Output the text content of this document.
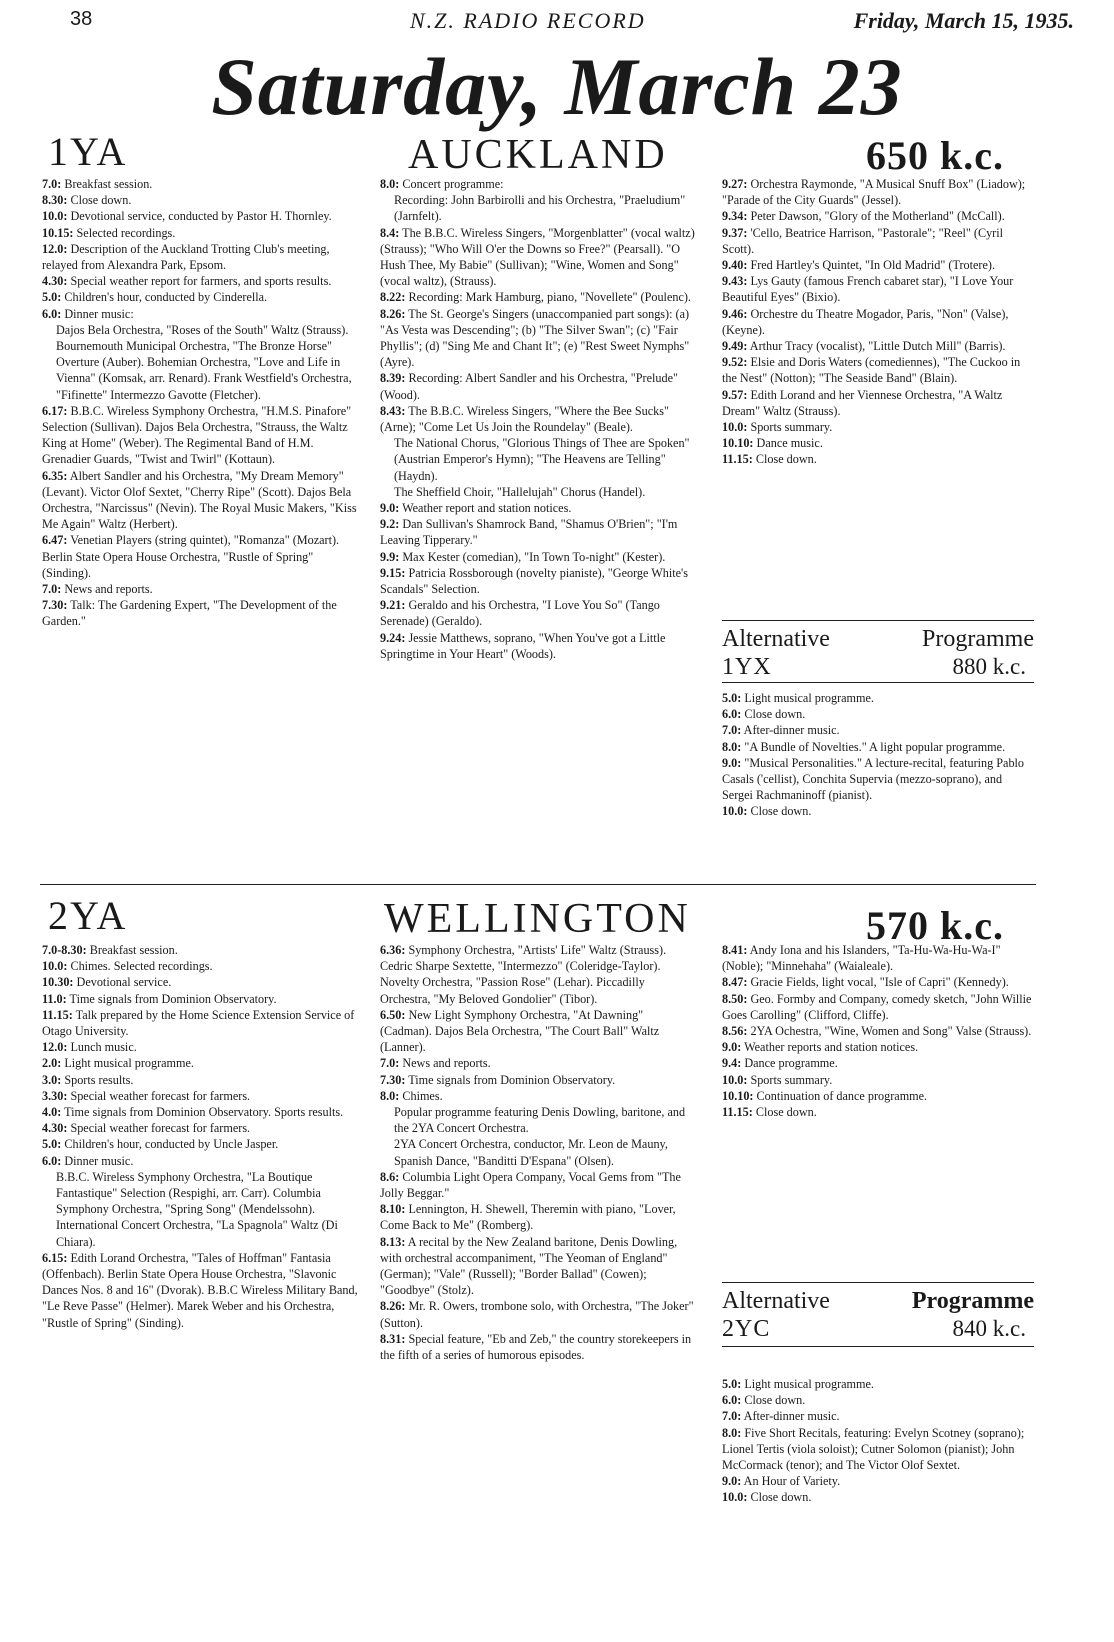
38	N.Z. RADIO RECORD	Friday, March 15, 1935.
Saturday, March 23
1YA	AUCKLAND	650 k.c.
7.0: Breakfast session.
8.30: Close down.
10.0: Devotional service, conducted by Pastor H. Thornley.
10.15: Selected recordings.
12.0: Description of the Auckland Trotting Club's meeting, relayed from Alexandra Park, Epsom.
4.30: Special weather report for farmers, and sports results.
5.0: Children's hour, conducted by Cinderella.
6.0: Dinner music:
Dajos Bela Orchestra, "Roses of the South" Waltz (Strauss). Bournemouth Municipal Orchestra, "The Bronze Horse" Overture (Auber). Bohemian Orchestra, "Love and Life in Vienna" (Komsak, arr. Renard). Frank Westfield's Orchestra, "Fifinette" Intermezzo Gavotte (Fletcher).
6.17: B.B.C. Wireless Symphony Orchestra, "H.M.S. Pinafore" Selection (Sullivan). Dajos Bela Orchestra, "Strauss, the Waltz King at Home" (Weber). The Regimental Band of H.M. Grenadier Guards, "Twist and Twirl" (Kottaun).
6.35: Albert Sandler and his Orchestra, "My Dream Memory" (Levant). Victor Olof Sextet, "Cherry Ripe" (Scott). Dajos Bela Orchestra, "Narcissus" (Nevin). The Royal Music Makers, "Kiss Me Again" Waltz (Herbert).
6.47: Venetian Players (string quintet), "Romanza" (Mozart). Berlin State Opera House Orchestra, "Rustle of Spring" (Sinding).
7.0: News and reports.
7.30: Talk: The Gardening Expert, "The Development of the Garden."
8.0: Concert programme:
Recording: John Barbirolli and his Orchestra, "Praeludium" (Jarnfelt).
8.4: The B.B.C. Wireless Singers, "Morgenblatter" (vocal waltz) (Strauss); "Who Will O'er the Downs so Free?" (Pearsall). "O Hush Thee, My Babie" (Sullivan); "Wine, Women and Song" (vocal waltz), (Strauss).
8.22: Recording: Mark Hamburg, piano, "Novellete" (Poulenc).
8.26: The St. George's Singers (unaccompanied part songs): (a) "As Vesta was Descending"; (b) "The Silver Swan"; (c) "Fair Phyllis"; (d) "Sing Me and Chant It"; (e) "Rest Sweet Nymphs" (Ayre).
8.39: Recording: Albert Sandler and his Orchestra, "Prelude" (Wood).
8.43: The B.B.C. Wireless Singers, "Where the Bee Sucks" (Arne); "Come Let Us Join the Roundelay" (Beale).
The National Chorus, "Glorious Things of Thee are Spoken" (Austrian Emperor's Hymn); "The Heavens are Telling" (Haydn).
The Sheffield Choir, "Hallelujah" Chorus (Handel).
9.0: Weather report and station notices.
9.2: Dan Sullivan's Shamrock Band, "Shamus O'Brien"; "I'm Leaving Tipperary."
9.9: Max Kester (comedian), "In Town To-night" (Kester).
9.15: Patricia Rossborough (novelty pianiste), "George White's Scandals" Selection.
9.21: Geraldo and his Orchestra, "I Love You So" (Tango Serenade) (Geraldo).
9.24: Jessie Matthews, soprano, "When You've got a Little Springtime in Your Heart" (Woods).
9.27: Orchestra Raymonde, "A Musical Snuff Box" (Liadow); "Parade of the City Guards" (Jessel).
9.34: Peter Dawson, "Glory of the Motherland" (McCall).
9.37: 'Cello, Beatrice Harrison, "Pastorale"; "Reel" (Cyril Scott).
9.40: Fred Hartley's Quintet, "In Old Madrid" (Trotere).
9.43: Lys Gauty (famous French cabaret star), "I Love Your Beautiful Eyes" (Bixio).
9.46: Orchestre du Theatre Mogador, Paris, "Non" (Valse), (Keyne).
9.49: Arthur Tracy (vocalist), "Little Dutch Mill" (Barris).
9.52: Elsie and Doris Waters (comediennes), "The Cuckoo in the Nest" (Notton); "The Seaside Band" (Blain).
9.57: Edith Lorand and her Viennese Orchestra, "A Waltz Dream" Waltz (Strauss).
10.0: Sports summary.
10.10: Dance music.
11.15: Close down.
Alternative	Programme
1YX	880 k.c.
5.0: Light musical programme.
6.0: Close down.
7.0: After-dinner music.
8.0: "A Bundle of Novelties." A light popular programme.
9.0: "Musical Personalities." A lecture-recital, featuring Pablo Casals ('cellist), Conchita Supervia (mezzo-soprano), and Sergei Rachmaninoff (pianist).
10.0: Close down.
2YA	WELLINGTON	570 k.c.
7.0-8.30: Breakfast session.
10.0: Chimes. Selected recordings.
10.30: Devotional service.
11.0: Time signals from Dominion Observatory.
11.15: Talk prepared by the Home Science Extension Service of Otago University.
12.0: Lunch music.
2.0: Light musical programme.
3.0: Sports results.
3.30: Special weather forecast for farmers.
4.0: Time signals from Dominion Observatory. Sports results.
4.30: Special weather forecast for farmers.
5.0: Children's hour, conducted by Uncle Jasper.
6.0: Dinner music.
B.B.C. Wireless Symphony Orchestra, "La Boutique Fantastique" Selection (Respighi, arr. Carr). Columbia Symphony Orchestra, "Spring Song" (Mendelssohn). International Concert Orchestra, "La Spagnola" Waltz (Di Chiara).
6.15: Edith Lorand Orchestra, "Tales of Hoffman" Fantasia (Offenbach). Berlin State Opera House Orchestra, "Slavonic Dances Nos. 8 and 16" (Dvorak). B.B.C Wireless Military Band, "Le Reve Passe" (Helmer). Marek Weber and his Orchestra, "Rustle of Spring" (Sinding).
6.36: Symphony Orchestra, "Artists' Life" Waltz (Strauss). Cedric Sharpe Sextette, "Intermezzo" (Coleridge-Taylor). Novelty Orchestra, "Passion Rose" (Lehar). Piccadilly Orchestra, "My Beloved Gondolier" (Tibor).
6.50: New Light Symphony Orchestra, "At Dawning" (Cadman). Dajos Bela Orchestra, "The Court Ball" Waltz (Lanner).
7.0: News and reports.
7.30: Time signals from Dominion Observatory.
8.0: Chimes.
Popular programme featuring Denis Dowling, baritone, and the 2YA Concert Orchestra.
2YA Concert Orchestra, conductor, Mr. Leon de Mauny, Spanish Dance, "Banditti D'Espana" (Olsen).
8.6: Columbia Light Opera Company, Vocal Gems from "The Jolly Beggar."
8.10: Lennington, H. Shewell, Theremin with piano, "Lover, Come Back to Me" (Romberg).
8.13: A recital by the New Zealand baritone, Denis Dowling, with orchestral accompaniment, "The Yeoman of England" (German); "Vale" (Russell); "Border Ballad" (Cowen); "Goodbye" (Stolz).
8.26: Mr. R. Owers, trombone solo, with Orchestra, "The Joker" (Sutton).
8.31: Special feature, "Eb and Zeb," the country storekeepers in the fifth of a series of humorous episodes.
8.41: Andy Iona and his Islanders, "Ta-Hu-Wa-Hu-Wa-I" (Noble); "Minnehaha" (Waialeale).
8.47: Gracie Fields, light vocal, "Isle of Capri" (Kennedy).
8.50: Geo. Formby and Company, comedy sketch, "John Willie Goes Carolling" (Clifford, Cliffe).
8.56: 2YA Ochestra, "Wine, Women and Song" Valse (Strauss).
9.0: Weather reports and station notices.
9.4: Dance programme.
10.0: Sports summary.
10.10: Continuation of dance programme.
11.15: Close down.
Alternative	Programme
2YC	840 k.c.
5.0: Light musical programme.
6.0: Close down.
7.0: After-dinner music.
8.0: Five Short Recitals, featuring: Evelyn Scotney (soprano); Lionel Tertis (viola soloist); Cutner Solomon (pianist); John McCormack (tenor); and The Victor Olof Sextet.
9.0: An Hour of Variety.
10.0: Close down.
